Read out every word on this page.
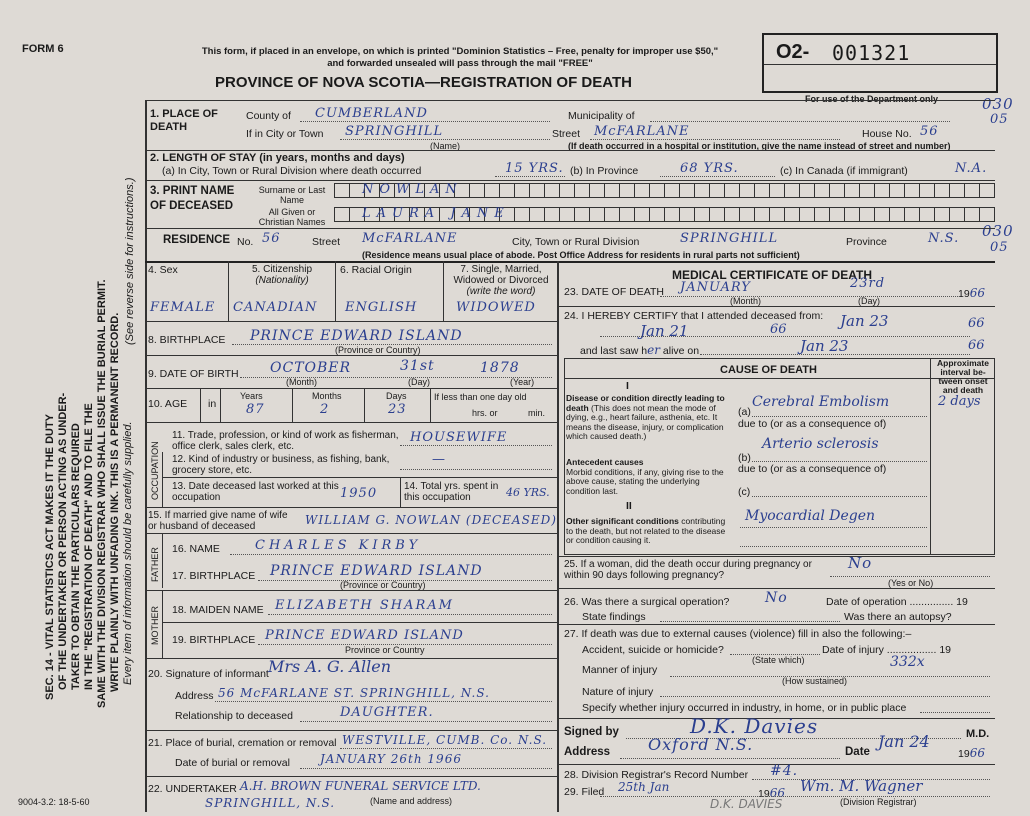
FORM 6	This form, if placed in an envelope, on which is printed "Dominion Statistics – Free, penalty for improper use $50," and forwarded unsealed will pass through the mail "FREE"
PROVINCE OF NOVA SCOTIA—REGISTRATION OF DEATH
O2- 001321
For use of the Department only	030
05
030
05
SEC. 14 - VITAL STATISTICS ACT MAKES IT THE DUTY OF THE UNDERTAKER OR PERSON ACTING AS UNDER- TAKER TO OBTAIN THE PARTICULARS REQUIRED IN THE "REGISTRATION OF DEATH" AND TO FILE THE SAME WITH THE DIVISION REGISTRAR WHO SHALL ISSUE THE BURIAL PERMIT. WRITE PLAINLY WITH UNFADING INK. THIS IS A PERMANENT RECORD. Every item of information should be carefully supplied.
(See reverse side for instructions.)
1. PLACE OF DEATH
County of CUMBERLAND	Municipality of
If in City or Town SPRINGHILL
(Name)
Street McFARLANE	House No. 56
(If death occurred in a hospital or institution, give the name instead of street and number)
2. LENGTH OF STAY (in years, months and days)
(a) In City, Town or Rural Division where death occurred	15 YRS. (b) In Province	68 YRS.	(c) In Canada (if immigrant)	N.A.
3. PRINT NAME OF DECEASED
Surname or Last Name
All Given or Christian Names
NOWLAN
LAURA JANE
RESIDENCE No. 56	Street McFARLANE	City, Town or Rural Division	SPRINGHILL	Province	N.S.
(Residence means usual place of abode. Post Office Address for residents in rural parts not sufficient)
4. Sex	5. Citizenship
(Nationality)
6. Racial Origin	7. Single, Married, Widowed or Divorced (write the word)
FEMALE CANADIAN ENGLISH	WIDOWED
8. BIRTHPLACE PRINCE EDWARD ISLAND
(Province or Country)
9. DATE OF BIRTH OCTOBER	31st	1878
(Month)	(Day)	(Year)
10. AGE in
Years	Months	Days
87	2	23
If less than one day old
hrs. or	min.
OCCUPATION
11. Trade, profession, or kind of work as fisherman, office clerk, sales clerk, etc.
HOUSEWIFE
12. Kind of industry or business, as fishing, bank, grocery store, etc.
—
13. Date deceased last worked at this occupation	1950	14. Total yrs. spent in this occupation	46 YRS.
15. If married give name of wife or husband of deceased	WILLIAM G. NOWLAN (DECEASED)
FATHER 16. NAME	CHARLES KIRBY
17. BIRTHPLACE PRINCE EDWARD ISLAND
(Province or Country)
MOTHER 18. MAIDEN NAME ELIZABETH SHARAM
19. BIRTHPLACE PRINCE EDWARD ISLAND
Province or Country
20. Signature of informant Mrs A. G. Allen
Address 56 McFARLANE ST. SPRINGHILL, N.S.
Relationship to deceased	DAUGHTER.
21. Place of burial, cremation or removal WESTVILLE, CUMB. Co. N.S.
Date of burial or removal	JANUARY 26th 1966
22. UNDERTAKER A.H. BROWN FUNERAL SERVICE LTD.
SPRINGHILL, N.S.	(Name and address)
9004-3.2: 18-5-60
MEDICAL CERTIFICATE OF DEATH
23. DATE OF DEATH JANUARY	23rd
1966
(Month)	(Day)
24. I HEREBY CERTIFY that I attended deceased from:
Jan 21	66	Jan 23	66
and last saw her alive on	Jan 23	66
CAUSE OF DEATH
Approximate interval be- tween onset and death
I
Disease or condition directly leading to death (This does not mean the mode of dying, e.g., heart failure, asthenia, etc. It means the disease, injury, or complication which caused death.)
(a)
Cerebral Embolism	2 days
due to (or as a consequence of)
Antecedent causes
Morbid conditions, if any, giving rise to the above cause, stating the underlying condition last.
(b)
Arterio sclerosis
due to (or as a consequence of)
(c)
II
Other significant conditions contributing to the death, but not related to the disease or condition causing it.
Myocardial Degen
25. If a woman, did the death occur during pregnancy or within 90 days following pregnancy?
No
(Yes or No)
26. Was there a surgical operation?	No	Date of operation ............... 19
State findings	Was there an autopsy?
27. If death was due to external causes (violence) fill in also the following:–
Accident, suicide or homicide?	Date of injury ................. 19
(State which)
Manner of injury	332x
(How sustained)
Nature of injury
Specify whether injury occurred in industry, in home, or in public place
Signed by	D.K. Davies	M.D.
Address Oxford N.S.	Date
Jan 24
1966
28. Division Registrar's Record Number #4.
29. Filed 25th Jan	1966 Wm. M. Wagner
(Division Registrar)
D.K. DAVIES
